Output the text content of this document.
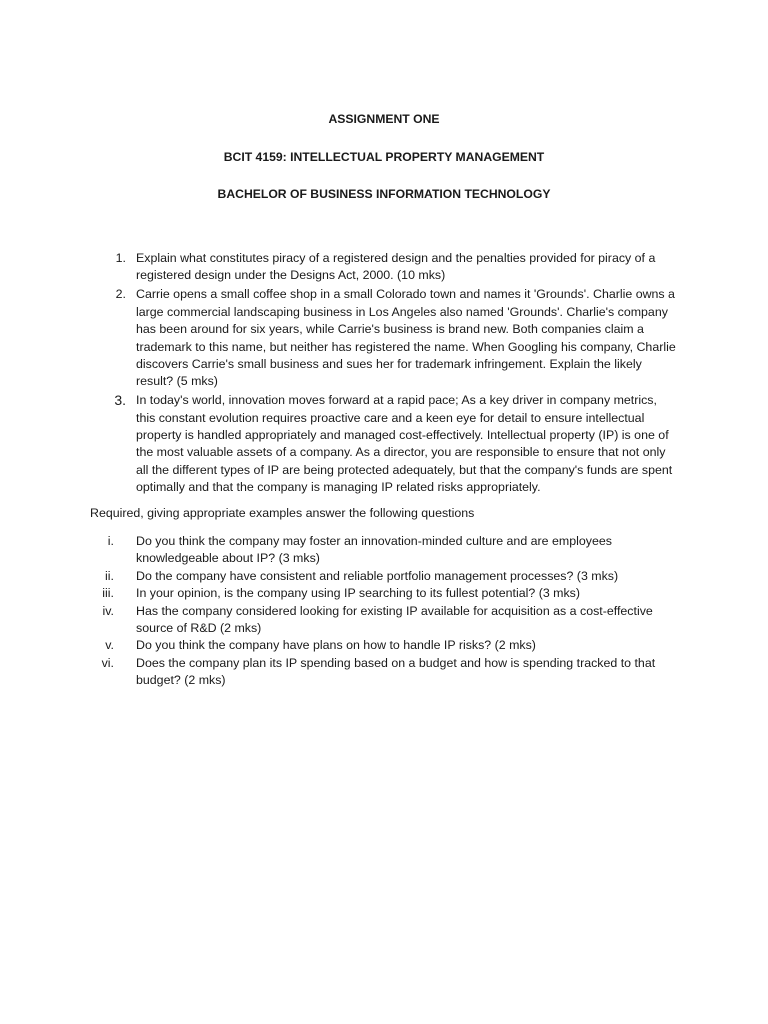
ASSIGNMENT ONE
BCIT 4159: INTELLECTUAL PROPERTY MANAGEMENT
BACHELOR OF BUSINESS INFORMATION TECHNOLOGY
1. Explain what constitutes piracy of a registered design and the penalties provided for piracy of a registered design under the Designs Act, 2000. (10 mks)
2. Carrie opens a small coffee shop in a small Colorado town and names it 'Grounds'. Charlie owns a large commercial landscaping business in Los Angeles also named 'Grounds'. Charlie's company has been around for six years, while Carrie's business is brand new. Both companies claim a trademark to this name, but neither has registered the name. When Googling his company, Charlie discovers Carrie's small business and sues her for trademark infringement. Explain the likely result? (5 mks)
3. In today's world, innovation moves forward at a rapid pace; As a key driver in company metrics, this constant evolution requires proactive care and a keen eye for detail to ensure intellectual property is handled appropriately and managed cost-effectively. Intellectual property (IP) is one of the most valuable assets of a company. As a director, you are responsible to ensure that not only all the different types of IP are being protected adequately, but that the company's funds are spent optimally and that the company is managing IP related risks appropriately.
Required, giving appropriate examples answer the following questions
i. Do you think the company may foster an innovation-minded culture and are employees knowledgeable about IP? (3 mks)
ii. Do the company have consistent and reliable portfolio management processes? (3 mks)
iii. In your opinion, is the company using IP searching to its fullest potential? (3 mks)
iv. Has the company considered looking for existing IP available for acquisition as a cost-effective source of R&D (2 mks)
v. Do you think the company have plans on how to handle IP risks? (2 mks)
vi. Does the company plan its IP spending based on a budget and how is spending tracked to that budget? (2 mks)
